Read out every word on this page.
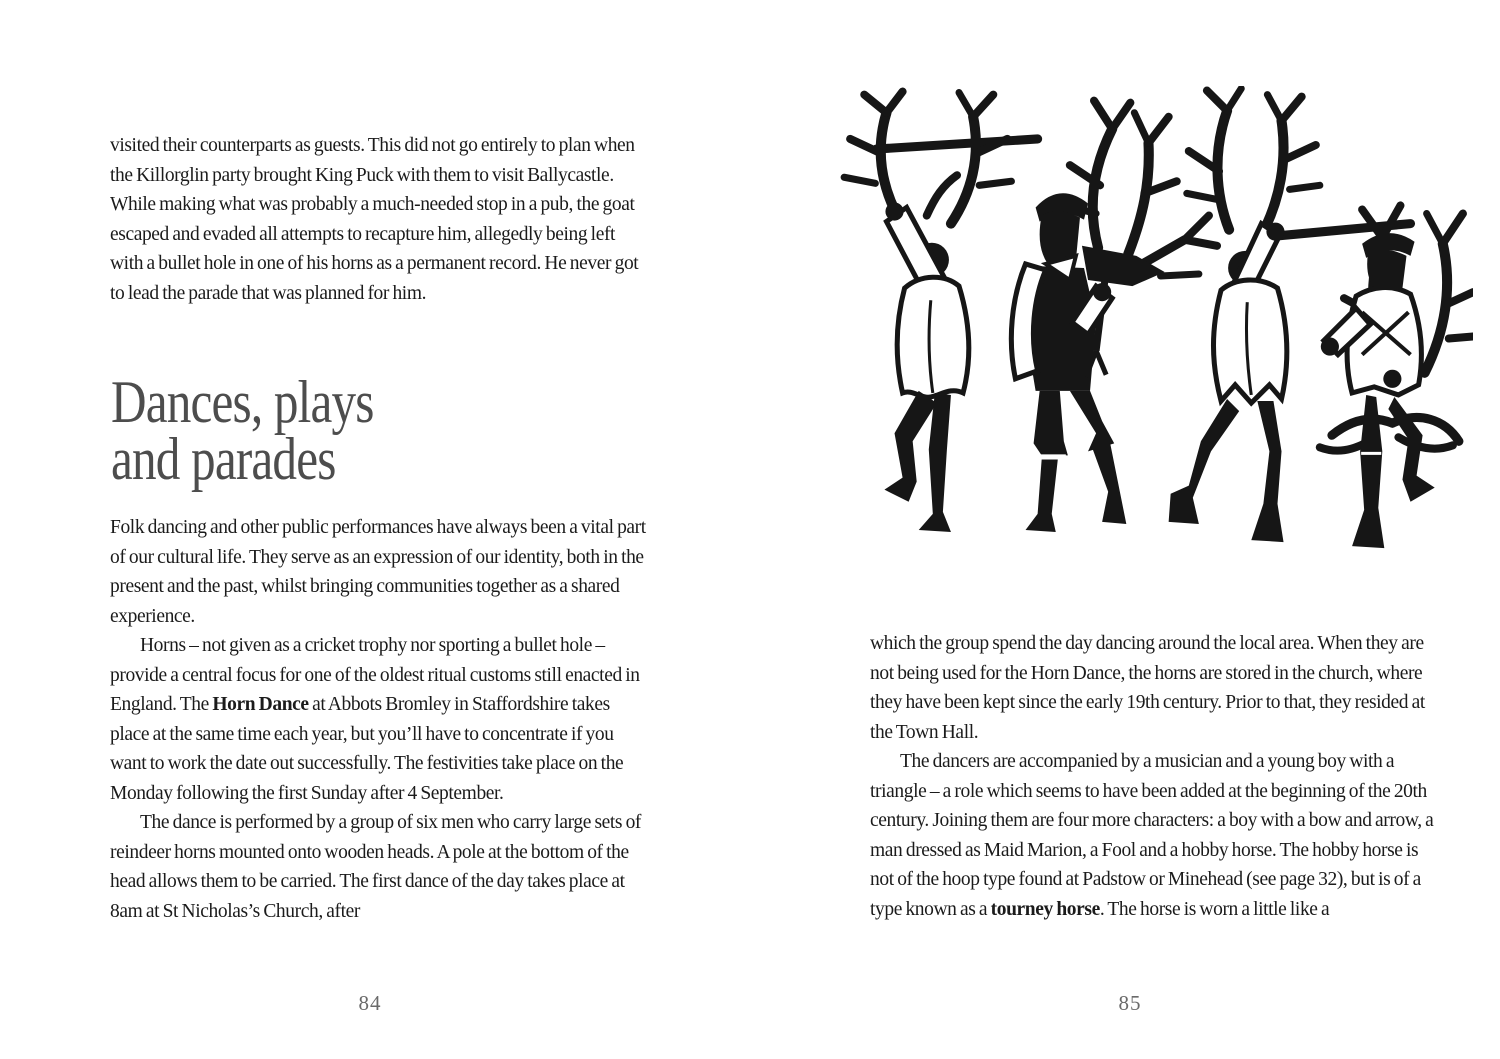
visited their counterparts as guests. This did not go entirely to plan when the Killorglin party brought King Puck with them to visit Ballycastle. While making what was probably a much-needed stop in a pub, the goat escaped and evaded all attempts to recapture him, allegedly being left with a bullet hole in one of his horns as a permanent record. He never got to lead the parade that was planned for him.

Dances, plays
and parades

Folk dancing and other public performances have always been a vital part of our cultural life. They serve as an expression of our identity, both in the present and the past, whilst bringing communities together as a shared experience.

Horns – not given as a cricket trophy nor sporting a bullet hole – provide a central focus for one of the oldest ritual customs still enacted in England. The Horn Dance at Abbots Bromley in Staffordshire takes place at the same time each year, but you’ll have to concentrate if you want to work the date out successfully. The festivities take place on the Monday following the first Sunday after 4 September.

The dance is performed by a group of six men who carry large sets of reindeer horns mounted onto wooden heads. A pole at the bottom of the head allows them to be carried. The first dance of the day takes place at 8am at St Nicholas’s Church, after

84

which the group spend the day dancing around the local area. When they are not being used for the Horn Dance, the horns are stored in the church, where they have been kept since the early 19th century. Prior to that, they resided at the Town Hall.

The dancers are accompanied by a musician and a young boy with a triangle – a role which seems to have been added at the beginning of the 20th century. Joining them are four more characters: a boy with a bow and arrow, a man dressed as Maid Marion, a Fool and a hobby horse. The hobby horse is not of the hoop type found at Padstow or Minehead (see page 32), but is of a type known as a tourney horse. The horse is worn a little like a

85
